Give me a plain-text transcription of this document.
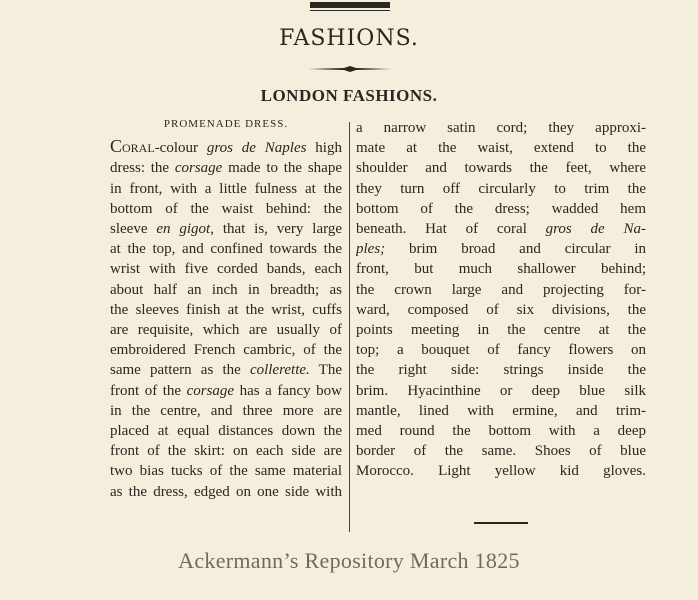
FASHIONS.
LONDON FASHIONS.
PROMENADE DRESS.
CORAL-colour gros de Naples high
dress: the corsage made to the shape
in front, with a little fulness at the
bottom of the waist behind: the
sleeve en gigot, that is, very large
at the top, and confined towards the
wrist with five corded bands, each
about half an inch in breadth; as
the sleeves finish at the wrist, cuffs
are requisite, which are usually of
embroidered French cambric, of the
same pattern as the collerette. The
front of the corsage has a fancy bow
in the centre, and three more are
placed at equal distances down the
front of the skirt: on each side are
two bias tucks of the same material
as the dress, edged on one side with
a narrow satin cord; they approxi-
mate at the waist, extend to the
shoulder and towards the feet, where
they turn off circularly to trim the
bottom of the dress; wadded hem
beneath. Hat of coral gros de Na-
ples; brim broad and circular in
front, but much shallower behind;
the crown large and projecting for-
ward, composed of six divisions, the
points meeting in the centre at the
top; a bouquet of fancy flowers on
the right side: strings inside the
brim. Hyacinthine or deep blue silk
mantle, lined with ermine, and trim-
med round the bottom with a deep
border of the same. Shoes of blue
Morocco. Light yellow kid gloves.
Ackermann’s Repository March 1825
